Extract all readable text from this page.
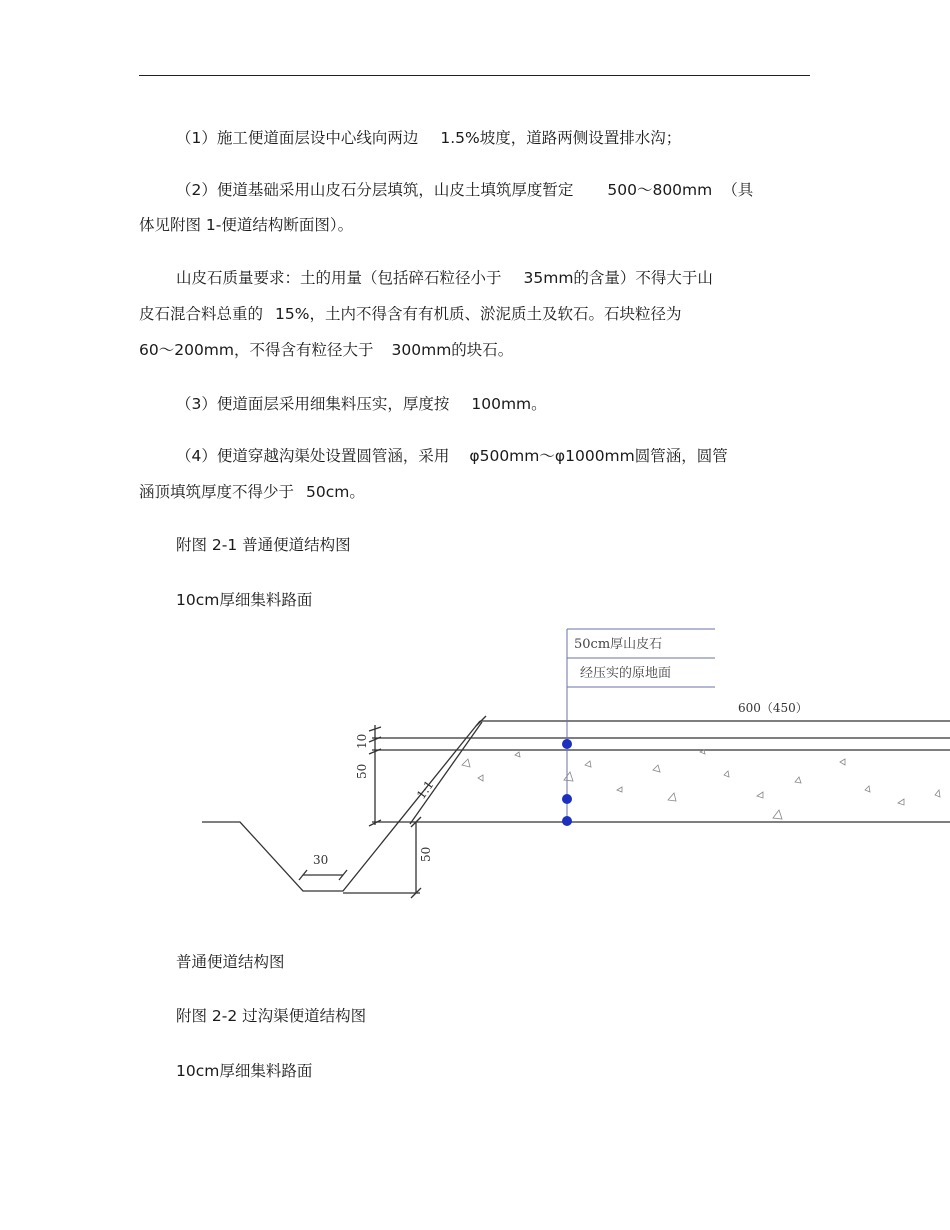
（1）施工便道面层设中心线向两边 1.5%坡度，道路两侧设置排水沟；
（2）便道基础采用山皮石分层填筑，山皮土填筑厚度暂定 500～800mm （具
体见附图 1-便道结构断面图）。
山皮石质量要求：土的用量（包括碎石粒径小于 35mm的含量）不得大于山
皮石混合料总重的 15%，土内不得含有有机质、淤泥质土及软石。石块粒径为
60～200mm，不得含有粒径大于 300mm的块石。
（3）便道面层采用细集料压实，厚度按 100mm。
（4）便道穿越沟渠处设置圆管涵，采用 φ500mm～φ1000mm圆管涵，圆管
涵顶填筑厚度不得少于 50cm。
附图 2-1 普通便道结构图
10cm厚细集料路面
50cm厚山皮石
经压实的原地面
600（450）
10
50
1:1
30	50
普通便道结构图
附图 2-2 过沟渠便道结构图
10cm厚细集料路面
